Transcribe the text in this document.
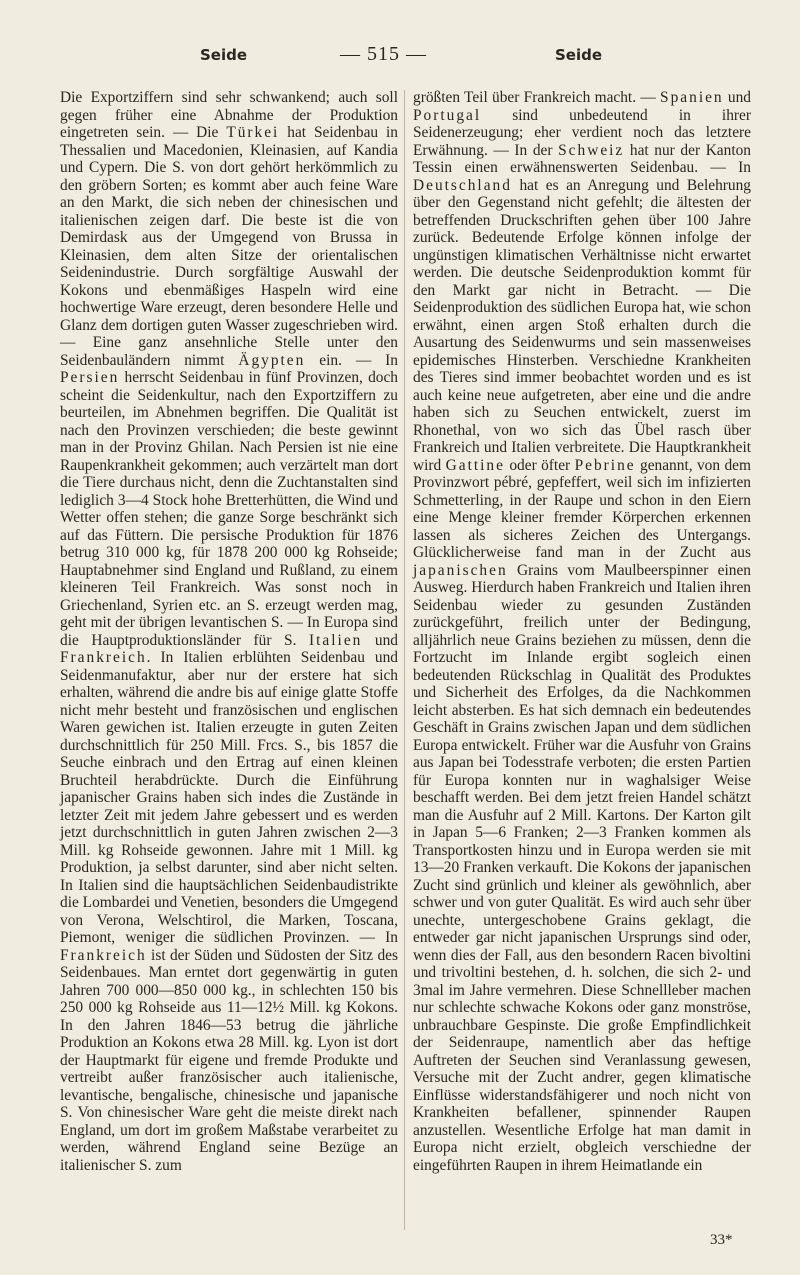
Seide	— 515 —	Seide

Die Exportziffern sind sehr schwankend; auch soll gegen früher eine Abnahme der Produktion eingetreten sein. — Die Türkei hat Seidenbau in Thessalien und Macedonien, Kleinasien, auf Kandia und Cypern. Die S. von dort gehört herkömmlich zu den gröbern Sorten; es kommt aber auch feine Ware an den Markt, die sich neben der chinesischen und italienischen zeigen darf. Die beste ist die von Demirdask aus der Umgegend von Brussa in Kleinasien, dem alten Sitze der orientalischen Seidenindustrie. Durch sorgfältige Auswahl der Kokons und ebenmäßiges Haspeln wird eine hochwertige Ware erzeugt, deren besondere Helle und Glanz dem dortigen guten Wasser zugeschrieben wird. — Eine ganz ansehnliche Stelle unter den Seidenbauländern nimmt Ägypten ein. — In Persien herrscht Seidenbau in fünf Provinzen, doch scheint die Seidenkultur, nach den Exportziffern zu beurteilen, im Abnehmen begriffen. Die Qualität ist nach den Provinzen verschieden; die beste gewinnt man in der Provinz Ghilan. Nach Persien ist nie eine Raupenkrankheit gekommen; auch verzärtelt man dort die Tiere durchaus nicht, denn die Zuchtanstalten sind lediglich 3—4 Stock hohe Bretterhütten, die Wind und Wetter offen stehen; die ganze Sorge beschränkt sich auf das Füttern. Die persische Produktion für 1876 betrug 310 000 kg, für 1878 200 000 kg Rohseide; Hauptabnehmer sind England und Rußland, zu einem kleineren Teil Frankreich. Was sonst noch in Griechenland, Syrien etc. an S. erzeugt werden mag, geht mit der übrigen levantischen S. — In Europa sind die Hauptproduktionsländer für S. Italien und Frankreich. In Italien erblühten Seidenbau und Seidenmanufaktur, aber nur der erstere hat sich erhalten, während die andre bis auf einige glatte Stoffe nicht mehr besteht und französischen und englischen Waren gewichen ist. Italien erzeugte in guten Zeiten durchschnittlich für 250 Mill. Frcs. S., bis 1857 die Seuche einbrach und den Ertrag auf einen kleinen Bruchteil herabdrückte. Durch die Einführung japanischer Grains haben sich indes die Zustände in letzter Zeit mit jedem Jahre gebessert und es werden jetzt durchschnittlich in guten Jahren zwischen 2—3 Mill. kg Rohseide gewonnen. Jahre mit 1 Mill. kg Produktion, ja selbst darunter, sind aber nicht selten. In Italien sind die hauptsächlichen Seidenbaudistrikte die Lombardei und Venetien, besonders die Umgegend von Verona, Welschtirol, die Marken, Toscana, Piemont, weniger die südlichen Provinzen. — In Frankreich ist der Süden und Südosten der Sitz des Seidenbaues. Man erntet dort gegenwärtig in guten Jahren 700 000—850 000 kg., in schlechten 150 bis 250 000 kg Rohseide aus 11—12½ Mill. kg Kokons. In den Jahren 1846—53 betrug die jährliche Produktion an Kokons etwa 28 Mill. kg. Lyon ist dort der Hauptmarkt für eigene und fremde Produkte und vertreibt außer französischer auch italienische, levantische, bengalische, chinesische und japanische S. Von chinesischer Ware geht die meiste direkt nach England, um dort im großem Maßstabe verarbeitet zu werden, während England seine Bezüge an italienischer S. zum

größten Teil über Frankreich macht. — Spanien und Portugal sind unbedeutend in ihrer Seidenerzeugung; eher verdient noch das letztere Erwähnung. — In der Schweiz hat nur der Kanton Tessin einen erwähnenswerten Seidenbau. — In Deutschland hat es an Anregung und Belehrung über den Gegenstand nicht gefehlt; die ältesten der betreffenden Druckschriften gehen über 100 Jahre zurück. Bedeutende Erfolge können infolge der ungünstigen klimatischen Verhältnisse nicht erwartet werden. Die deutsche Seidenproduktion kommt für den Markt gar nicht in Betracht. — Die Seidenproduktion des südlichen Europa hat, wie schon erwähnt, einen argen Stoß erhalten durch die Ausartung des Seidenwurms und sein massenweises epidemisches Hinsterben. Verschiedne Krankheiten des Tieres sind immer beobachtet worden und es ist auch keine neue aufgetreten, aber eine und die andre haben sich zu Seuchen entwickelt, zuerst im Rhonethal, von wo sich das Übel rasch über Frankreich und Italien verbreitete. Die Hauptkrankheit wird Gattine oder öfter Pebrine genannt, von dem Provinzwort pébré, gepfeffert, weil sich im infizierten Schmetterling, in der Raupe und schon in den Eiern eine Menge kleiner fremder Körperchen erkennen lassen als sicheres Zeichen des Untergangs. Glücklicherweise fand man in der Zucht aus japanischen Grains vom Maulbeerspinner einen Ausweg. Hierdurch haben Frankreich und Italien ihren Seidenbau wieder zu gesunden Zuständen zurückgeführt, freilich unter der Bedingung, alljährlich neue Grains beziehen zu müssen, denn die Fortzucht im Inlande ergibt sogleich einen bedeutenden Rückschlag in Qualität des Produktes und Sicherheit des Erfolges, da die Nachkommen leicht absterben. Es hat sich demnach ein bedeutendes Geschäft in Grains zwischen Japan und dem südlichen Europa entwickelt. Früher war die Ausfuhr von Grains aus Japan bei Todesstrafe verboten; die ersten Partien für Europa konnten nur in waghalsiger Weise beschafft werden. Bei dem jetzt freien Handel schätzt man die Ausfuhr auf 2 Mill. Kartons. Der Karton gilt in Japan 5—6 Franken; 2—3 Franken kommen als Transportkosten hinzu und in Europa werden sie mit 13—20 Franken verkauft. Die Kokons der japanischen Zucht sind grünlich und kleiner als gewöhnlich, aber schwer und von guter Qualität. Es wird auch sehr über unechte, untergeschobene Grains geklagt, die entweder gar nicht japanischen Ursprungs sind oder, wenn dies der Fall, aus den besondern Racen bivoltini und trivoltini bestehen, d. h. solchen, die sich 2- und 3mal im Jahre vermehren. Diese Schnellleber machen nur schlechte schwache Kokons oder ganz monströse, unbrauchbare Gespinste. Die große Empfindlichkeit der Seidenraupe, namentlich aber das heftige Auftreten der Seuchen sind Veranlassung gewesen, Versuche mit der Zucht andrer, gegen klimatische Einflüsse widerstandsfähigerer und noch nicht von Krankheiten befallener, spinnender Raupen anzustellen. Wesentliche Erfolge hat man damit in Europa nicht erzielt, obgleich verschiedne der eingeführten Raupen in ihrem Heimatlande ein

33*
